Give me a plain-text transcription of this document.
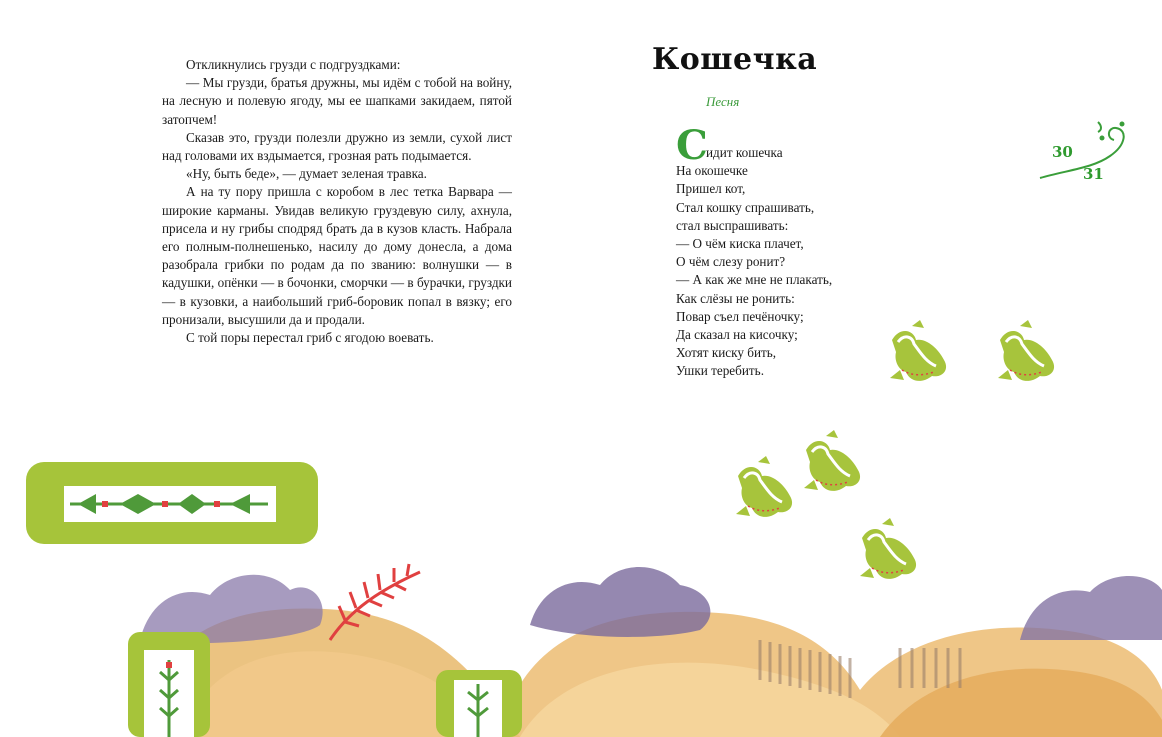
Откликнулись грузди с подгруздками:

— Мы грузди, братья дружны, мы идём с тобой на войну, на лесную и полевую ягоду, мы ее шапками закидаем, пятой затопчем!

Сказав это, грузди полезли дружно из земли, сухой лист над головами их вздымается, грозная рать подымается.

«Ну, быть беде», — думает зеленая травка.

А на ту пору пришла с коробом в лес тетка Варвара — широкие карманы. Увидав великую груздевую силу, ахнула, присела и ну грибы сподряд брать да в кузов класть. Набрала его полным-полнешенько, насилу до дому донесла, а дома разобрала грибки по родам да по званию: волнушки — в кадушки, опёнки — в бочонки, сморчки — в бурачки, груздки — в кузовки, а наибольший гриб-боровик попал в вязку; его пронизали, высушили да и продали.

С той поры перестал гриб с ягодою воевать.

Кошечка
Песня
С
идит кошечка
На окошечке
Пришел кот,
Стал кошку спрашивать,
стал выспрашивать:
— О чём киска плачет,
О чём слезу ронит?
— А как же мне не плакать,
Как слёзы не ронить:
Повар съел печёночку;
Да сказал на кисочку;
Хотят киску бить,
Ушки теребить.
30
31
